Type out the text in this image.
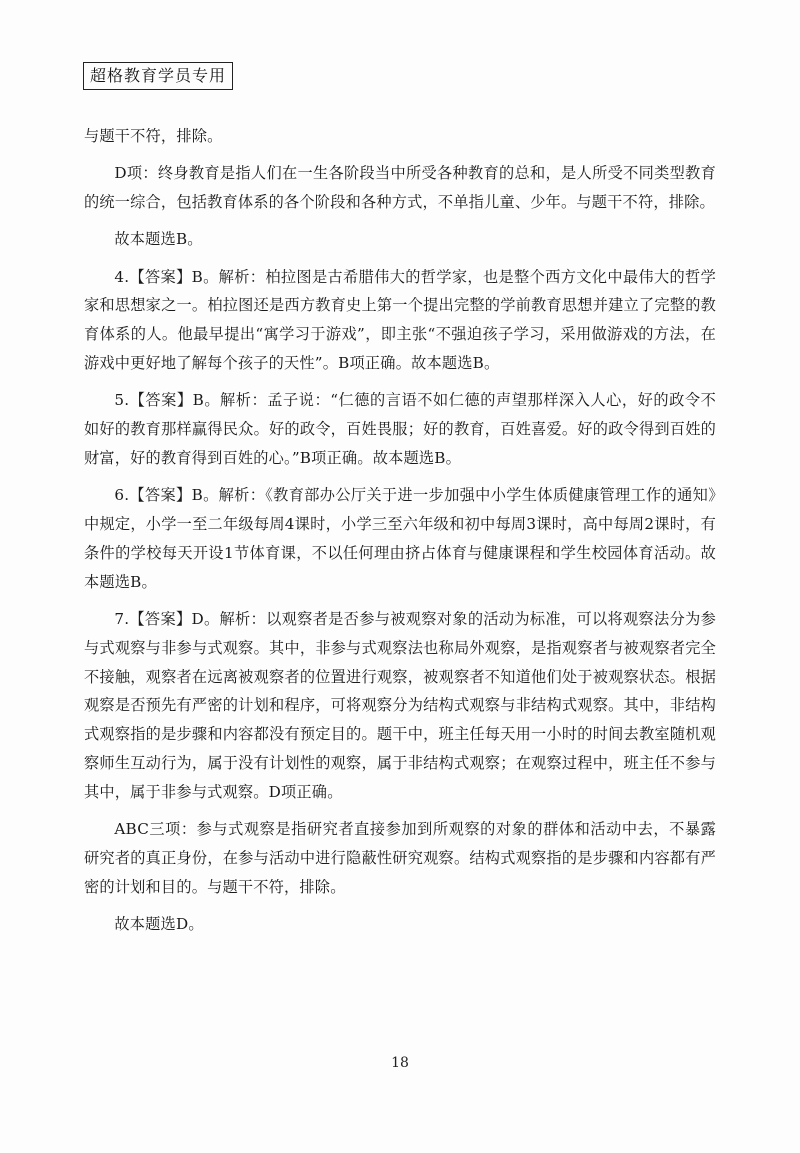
超格教育学员专用

与题干不符，排除。

D项：终身教育是指人们在一生各阶段当中所受各种教育的总和，是人所受不同类型教育的统一综合，包括教育体系的各个阶段和各种方式，不单指儿童、少年。与题干不符，排除。

故本题选B。

4.【答案】B。解析：柏拉图是古希腊伟大的哲学家，也是整个西方文化中最伟大的哲学家和思想家之一。柏拉图还是西方教育史上第一个提出完整的学前教育思想并建立了完整的教育体系的人。他最早提出“寓学习于游戏”，即主张“不强迫孩子学习，采用做游戏的方法，在游戏中更好地了解每个孩子的天性”。B项正确。故本题选B。

5.【答案】B。解析：孟子说：“仁德的言语不如仁德的声望那样深入人心，好的政令不如好的教育那样赢得民众。好的政令，百姓畏服；好的教育，百姓喜爱。好的政令得到百姓的财富，好的教育得到百姓的心。”B项正确。故本题选B。

6.【答案】B。解析：《教育部办公厅关于进一步加强中小学生体质健康管理工作的通知》中规定，小学一至二年级每周4课时，小学三至六年级和初中每周3课时，高中每周2课时，有条件的学校每天开设1节体育课，不以任何理由挤占体育与健康课程和学生校园体育活动。故本题选B。

7.【答案】D。解析：以观察者是否参与被观察对象的活动为标准，可以将观察法分为参与式观察与非参与式观察。其中，非参与式观察法也称局外观察，是指观察者与被观察者完全不接触，观察者在远离被观察者的位置进行观察，被观察者不知道他们处于被观察状态。根据观察是否预先有严密的计划和程序，可将观察分为结构式观察与非结构式观察。其中，非结构式观察指的是步骤和内容都没有预定目的。题干中，班主任每天用一小时的时间去教室随机观察师生互动行为，属于没有计划性的观察，属于非结构式观察；在观察过程中，班主任不参与其中，属于非参与式观察。D项正确。

ABC三项：参与式观察是指研究者直接参加到所观察的对象的群体和活动中去，不暴露研究者的真正身份，在参与活动中进行隐蔽性研究观察。结构式观察指的是步骤和内容都有严密的计划和目的。与题干不符，排除。

故本题选D。

18
